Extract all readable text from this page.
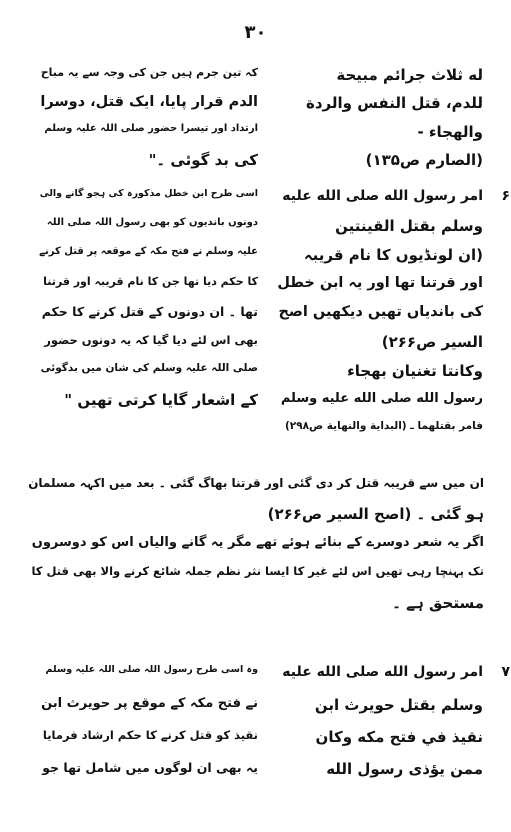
۳۰
له ثلاث جرائم مبيحة
کہ تین جرم ہیں جن کی وجہ سے یہ مباح
للدم، قتل النفس والردة
الدم قرار پایا، ایک قتل، دوسرا
والهجاء -
ارتداد اور تیسرا حضور صلی اللہ علیہ وسلم
(الصارم ص۱۳۵)
کی بد گوئی ۔"
۶
امر رسول الله صلى الله عليه
اسی طرح ابن خطل مذکورہ کی ہجو گانے والی
وسلم بقتل القينتين
دونوں باندیوں کو بھی رسول اللہ صلی اللہ
(ان لونڈیوں کا نام قریبہ
علیہ وسلم نے فتح مکہ کے موقعہ پر قتل کرنے
اور قرتنا تھا اور یہ ابن خطل
کا حکم دیا تھا جن کا نام قریبہ اور قرتنا
کی باندیاں تھیں دیکھیں اصح
تھا ۔ ان دونوں کے قتل کرنے کا حکم
السیر ص۲۶۶)
بھی اس لئے دیا گیا کہ یہ دونوں حضور
وكانتا تغنيان بهجاء
صلی اللہ علیہ وسلم کی شان میں بدگوئی
رسول الله صلى الله عليه وسلم
کے اشعار گایا کرتی تھیں "
فامر بقتلهما ـ (البداية والنهاية ص۲۹۸)
ان میں سے قریبہ قتل کر دی گئی اور قرتنا بھاگ گئی ۔ بعد میں اکہہ مسلمان
ہو گئی ۔ (اصح السیر ص۲۶۶)
اگر یہ شعر دوسرے کے بنائے ہوئے تھے مگر یہ گانے والیاں اس کو دوسروں
تک پہنچا رہی تھیں اس لئے غیر کا ایسا نثر نظم جملہ شائع کرنے والا بھی قتل کا
مستحق ہے ۔
۷
امر رسول الله صلى الله عليه
وہ اسی طرح رسول اللہ صلی اللہ علیہ وسلم
وسلم بقتل حويرث ابن
نے فتح مکہ کے موقع پر حویرث ابن
نقيذ في فتح مكه وكان
نقیذ کو قتل کرنے کا حکم ارشاد فرمایا
ممن يؤذى رسول الله
یہ بھی ان لوگوں میں شامل تھا جو
